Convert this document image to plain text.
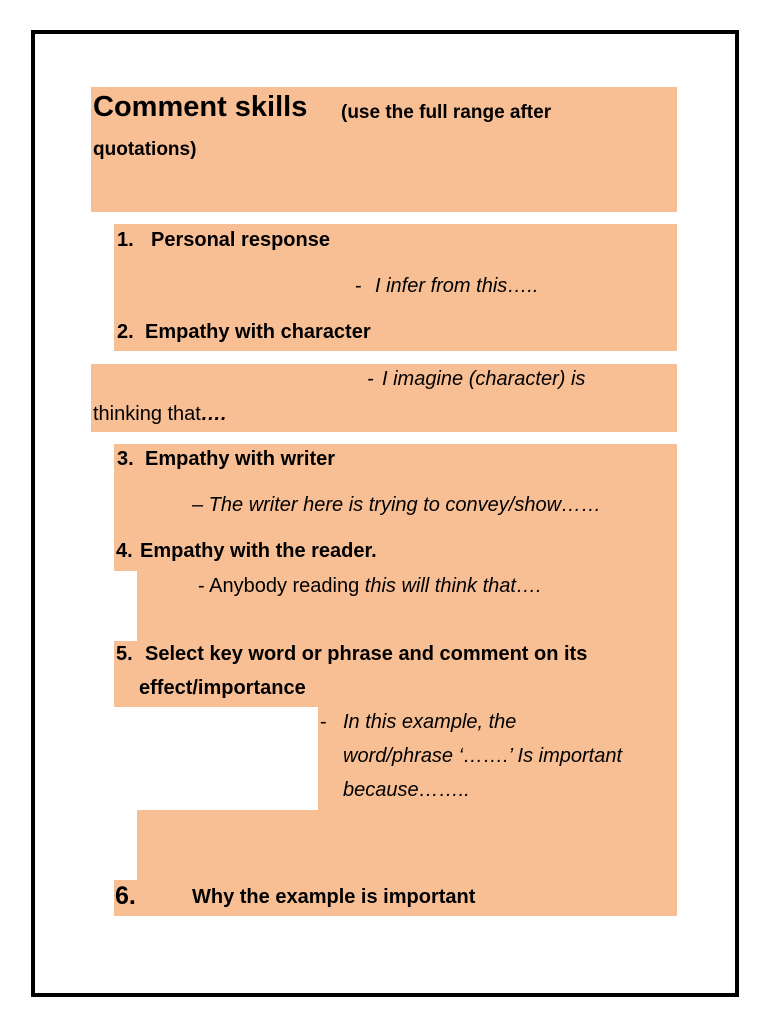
Comment skills (use the full range after
quotations)
1. Personal response
- I infer from this…..
2. Empathy with character
- I imagine (character) is
thinking that….
3. Empathy with writer
– The writer here is trying to convey/show……
4. Empathy with the reader.
- Anybody reading this will think that….
5. Select key word or phrase and comment on its
effect/importance
- In this example, the
word/phrase ‘…….’ Is important
because……..
6.	Why the example is important
